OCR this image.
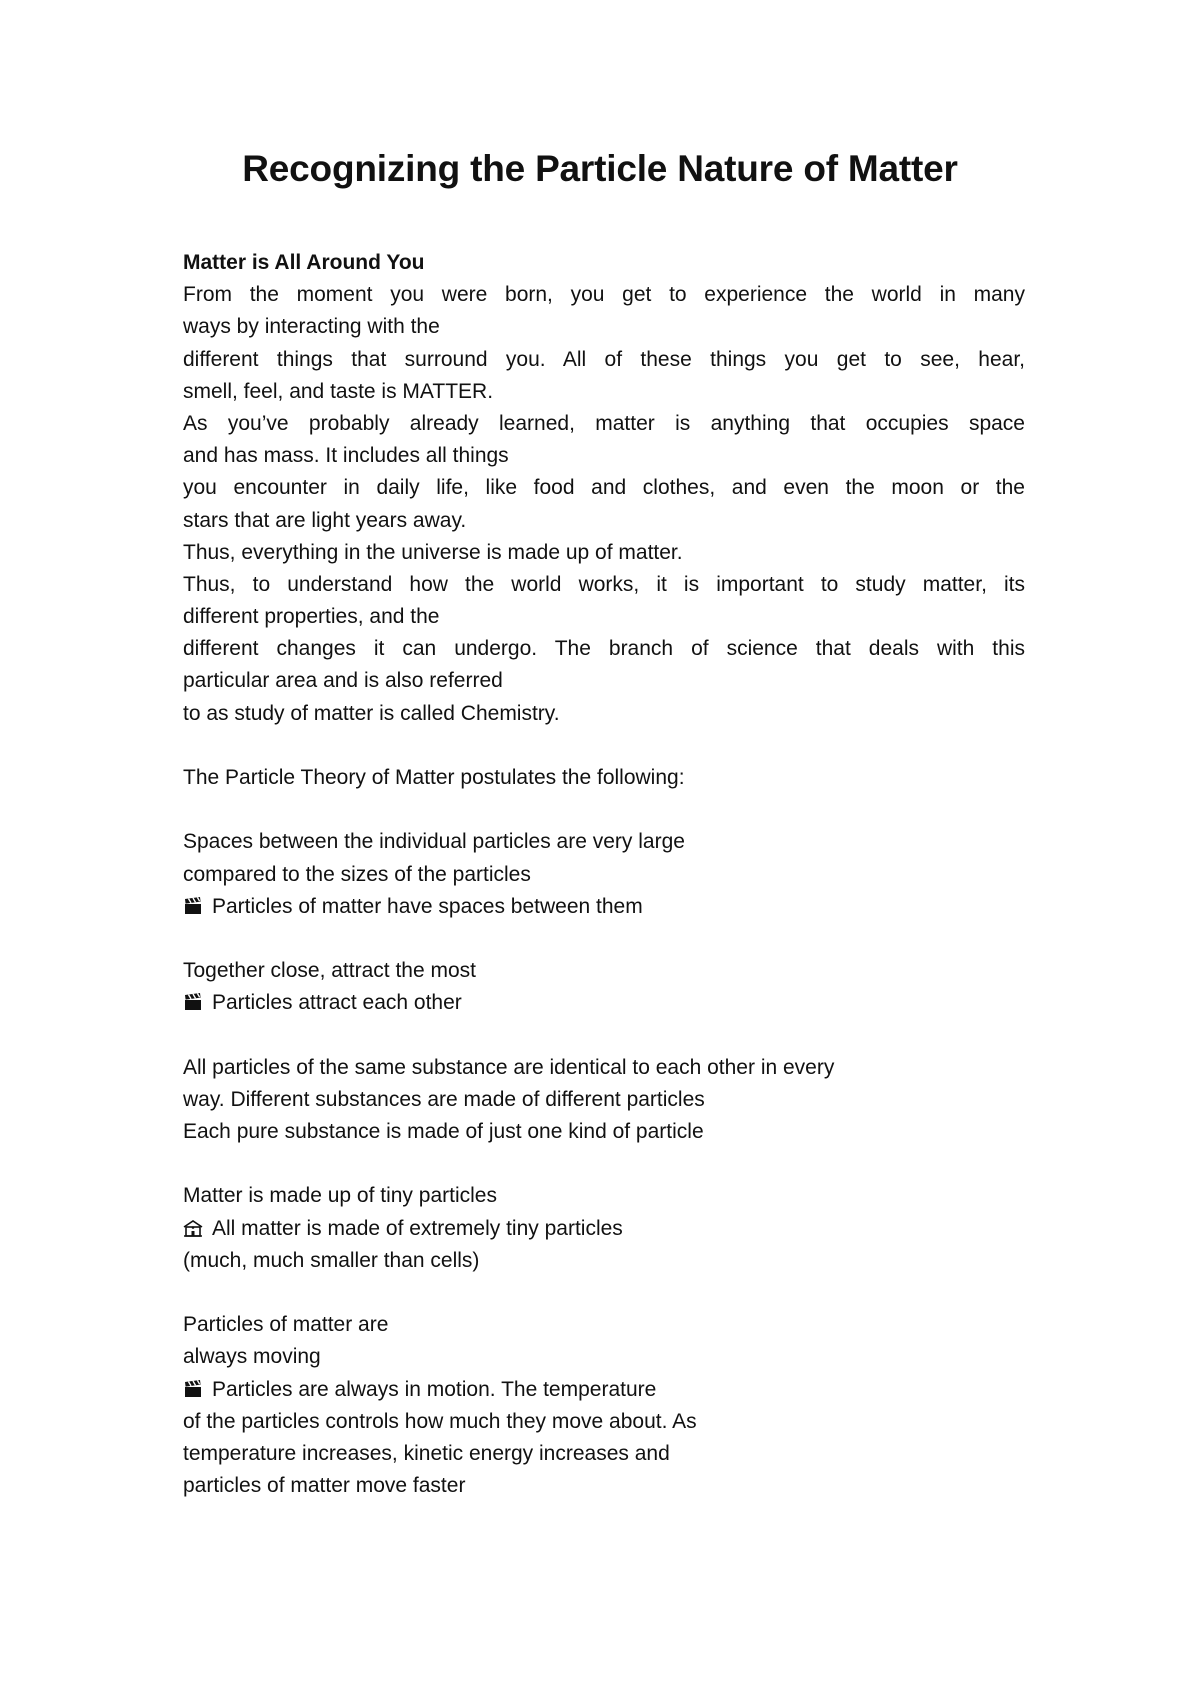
Recognizing the Particle Nature of Matter
Matter is All Around You
From the moment you were born, you get to experience the world in many
ways by interacting with the
different things that surround you. All of these things you get to see, hear,
smell, feel, and taste is MATTER.
As you’ve probably already learned, matter is anything that occupies space
and has mass. It includes all things
you encounter in daily life, like food and clothes, and even the moon or the
stars that are light years away.
Thus, everything in the universe is made up of matter.
Thus, to understand how the world works, it is important to study matter, its
different properties, and the
different changes it can undergo. The branch of science that deals with this
particular area and is also referred
to as study of matter is called Chemistry.
The Particle Theory of Matter postulates the following:
Spaces between the individual particles are very large
compared to the sizes of the particles
Particles of matter have spaces between them
Together close, attract the most
Particles attract each other
All particles of the same substance are identical to each other in every
way. Different substances are made of different particles
Each pure substance is made of just one kind of particle
Matter is made up of tiny particles
All matter is made of extremely tiny particles
(much, much smaller than cells)
Particles of matter are
always moving
Particles are always in motion. The temperature
of the particles controls how much they move about. As
temperature increases, kinetic energy increases and
particles of matter move faster
